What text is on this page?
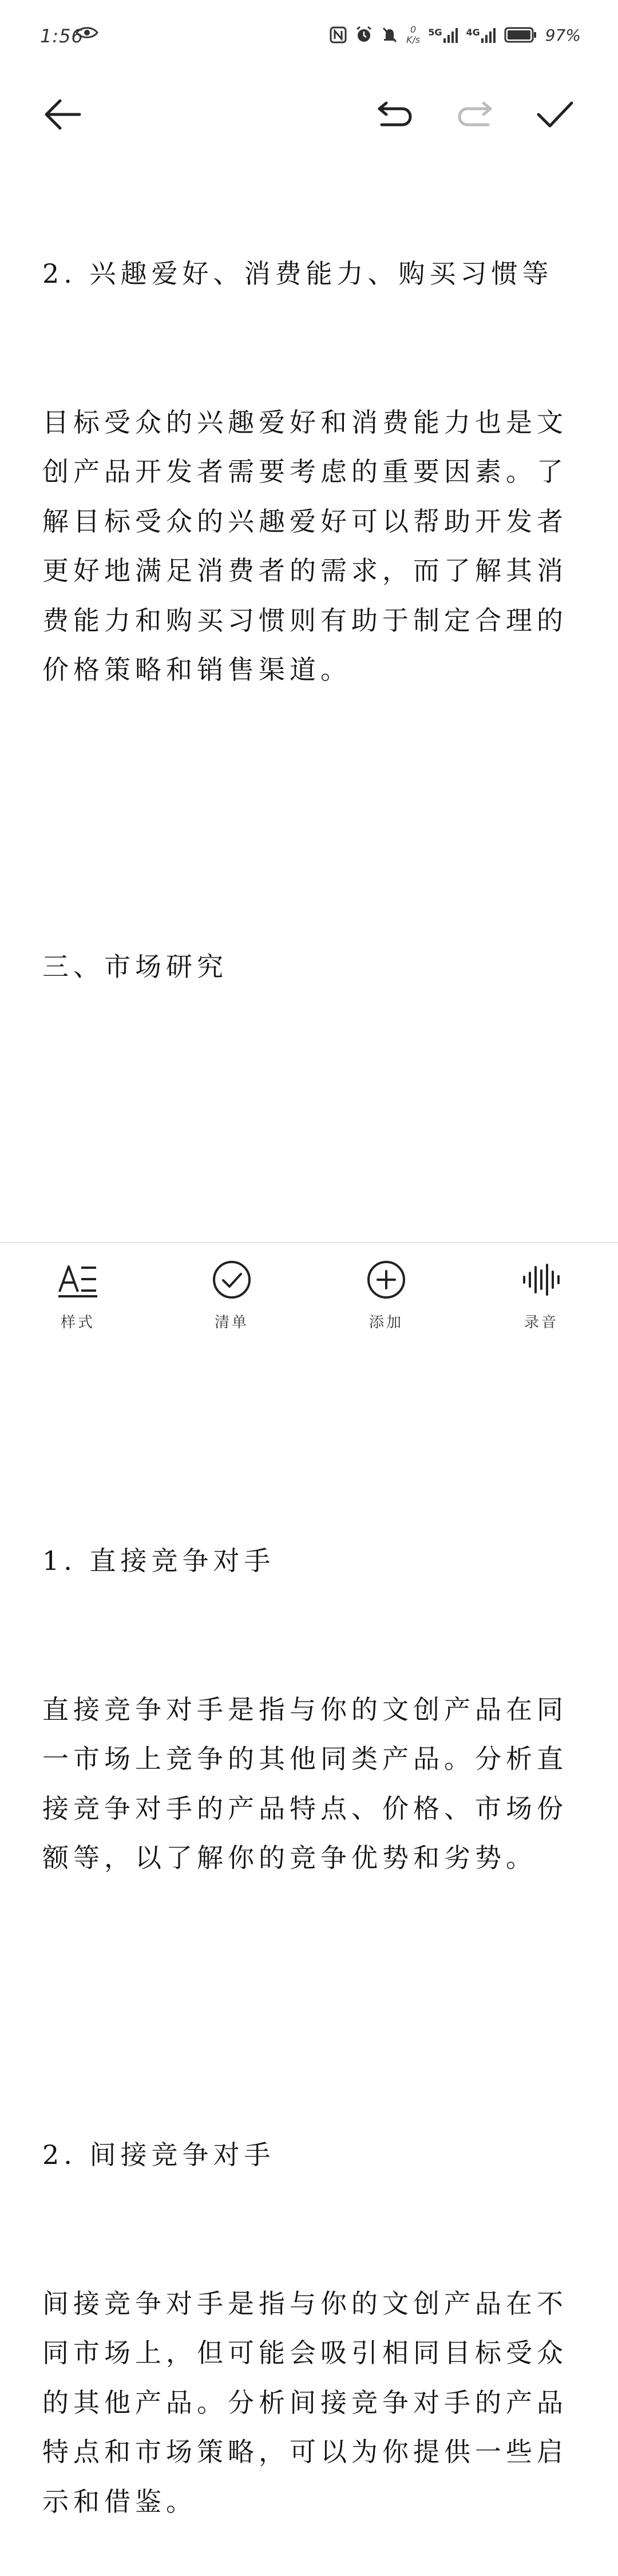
1:56	0
K/s
5G	4G	97%

2. 兴趣爱好、消费能力、购买习惯等

目标受众的兴趣爱好和消费能力也是文创产品开发者需要考虑的重要因素。了解目标受众的兴趣爱好可以帮助开发者更好地满足消费者的需求，而了解其消费能力和购买习惯则有助于制定合理的价格策略和销售渠道。

三、市场研究

1. 直接竞争对手

直接竞争对手是指与你的文创产品在同一市场上竞争的其他同类产品。分析直接竞争对手的产品特点、价格、市场份额等，以了解你的竞争优势和劣势。

2. 间接竞争对手

间接竞争对手是指与你的文创产品在不同市场上，但可能会吸引相同目标受众的其他产品。分析间接竞争对手的产品特点和市场策略，可以为你提供一些启示和借鉴。

样式	清单	添加	录音
